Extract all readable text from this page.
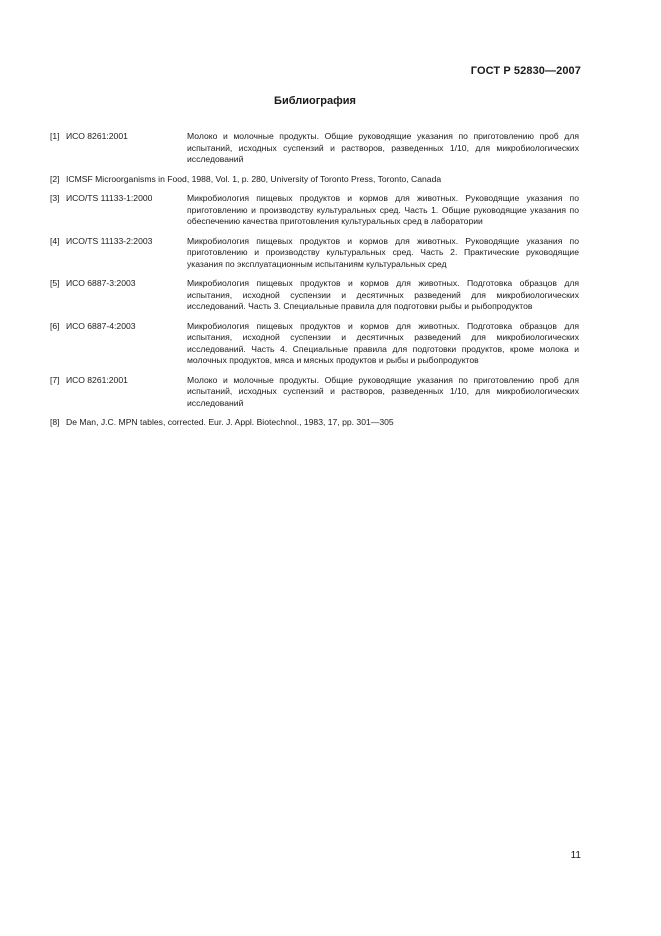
ГОСТ Р 52830—2007
Библиография
[1] ИСО 8261:2001	Молоко и молочные продукты. Общие руководящие указания по приготовлению проб для испытаний, исходных суспензий и растворов, разведенных 1/10, для микробиологических исследований
[2] ICMSF Microorganisms in Food, 1988, Vol. 1, p. 280, University of Toronto Press, Toronto, Canada
[3] ИСО/TS 11133-1:2000	Микробиология пищевых продуктов и кормов для животных. Руководящие указания по приготовлению и производству культуральных сред. Часть 1. Общие руководящие указания по обеспечению качества приготовления культуральных сред в лаборатории
[4] ИСО/TS 11133-2:2003	Микробиология пищевых продуктов и кормов для животных. Руководящие указания по приготовлению и производству культуральных сред. Часть 2. Практические руководящие указания по эксплуатационным испытаниям культуральных сред
[5] ИСО 6887-3:2003	Микробиология пищевых продуктов и кормов для животных. Подготовка образцов для испытания, исходной суспензии и десятичных разведений для микробиологических исследований. Часть 3. Специальные правила для подготовки рыбы и рыбопродуктов
[6] ИСО 6887-4:2003	Микробиология пищевых продуктов и кормов для животных. Подготовка образцов для испытания, исходной суспензии и десятичных разведений для микробиологических исследований. Часть 4. Специальные правила для подготовки продуктов, кроме молока и молочных продуктов, мяса и мясных продуктов и рыбы и рыбопродуктов
[7] ИСО 8261:2001	Молоко и молочные продукты. Общие руководящие указания по приготовлению проб для испытаний, исходных суспензий и растворов, разведенных 1/10, для микробиологических исследований
[8] De Man, J.C. MPN tables, corrected. Eur. J. Appl. Biotechnol., 1983, 17, pp. 301—305
11
